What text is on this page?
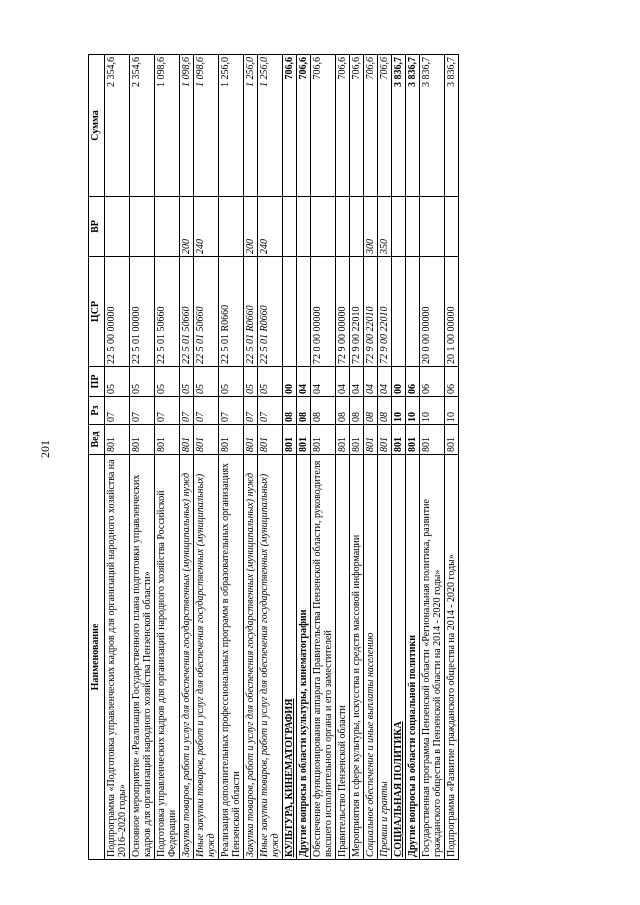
201
Наименование	Вед	Рз	ПР	ЦСР	ВР	Сумма
Подпрограмма «Подготовка управленческих кадров для организаций народного хозяйства на 2016–2020 годы»	801	07	05	22 5 00 00000		2 354,6
Основное мероприятие «Реализация Государственного плана подготовки управленческих кадров для организаций народного хозяйства Пензенской области»	801	07	05	22 5 01 00000		2 354,6
Подготовка управленческих кадров для организаций народного хозяйства Российской Федерации	801	07	05	22 5 01 50660		1 098,6
Закупка товаров, работ и услуг для обеспечения государственных (муниципальных) нужд	801	07	05	22 5 01 50660	200	1 098,6
Иные закупки товаров, работ и услуг для обеспечения государственных (муниципальных) нужд	801	07	05	22 5 01 50660	240	1 098,6
Реализация дополнительных профессиональных программ в образовательных организациях Пензенской области	801	07	05	22 5 01 R0660		1 256,0
Закупка товаров, работ и услуг для обеспечения государственных (муниципальных) нужд	801	07	05	22 5 01 R0660	200	1 256,0
Иные закупки товаров, работ и услуг для обеспечения государственных (муниципальных) нужд	801	07	05	22 5 01 R0660	240	1 256,0
КУЛЬТУРА, КИНЕМАТОГРАФИЯ	801	08	00			706,6
Другие вопросы в области культуры, кинематографии	801	08	04			706,6
Обеспечение функционирования аппарата Правительства Пензенской области, руководителя высшего исполнительного органа и его заместителей	801	08	04	72 0 00 00000		706,6
Правительство Пензенской области	801	08	04	72 9 00 00000		706,6
Мероприятия в сфере культуры, искусства и средств массовой информации	801	08	04	72 9 00 22010		706,6
Социальное обеспечение и иные выплаты населению	801	08	04	72 9 00 22010	300	706,6
Премии и гранты	801	08	04	72 9 00 22010	350	706,6
СОЦИАЛЬНАЯ ПОЛИТИКА	801	10	00			3 836,7
Другие вопросы в области социальной политики	801	10	06			3 836,7
Государственная программа Пензенской области «Региональная политика, развитие гражданского общества в Пензенской области на 2014 - 2020 годы»	801	10	06	20 0 00 00000		3 836,7
Подпрограмма «Развитие гражданского общества на 2014 - 2020 годы»	801	10	06	20 1 00 00000		3 836,7
